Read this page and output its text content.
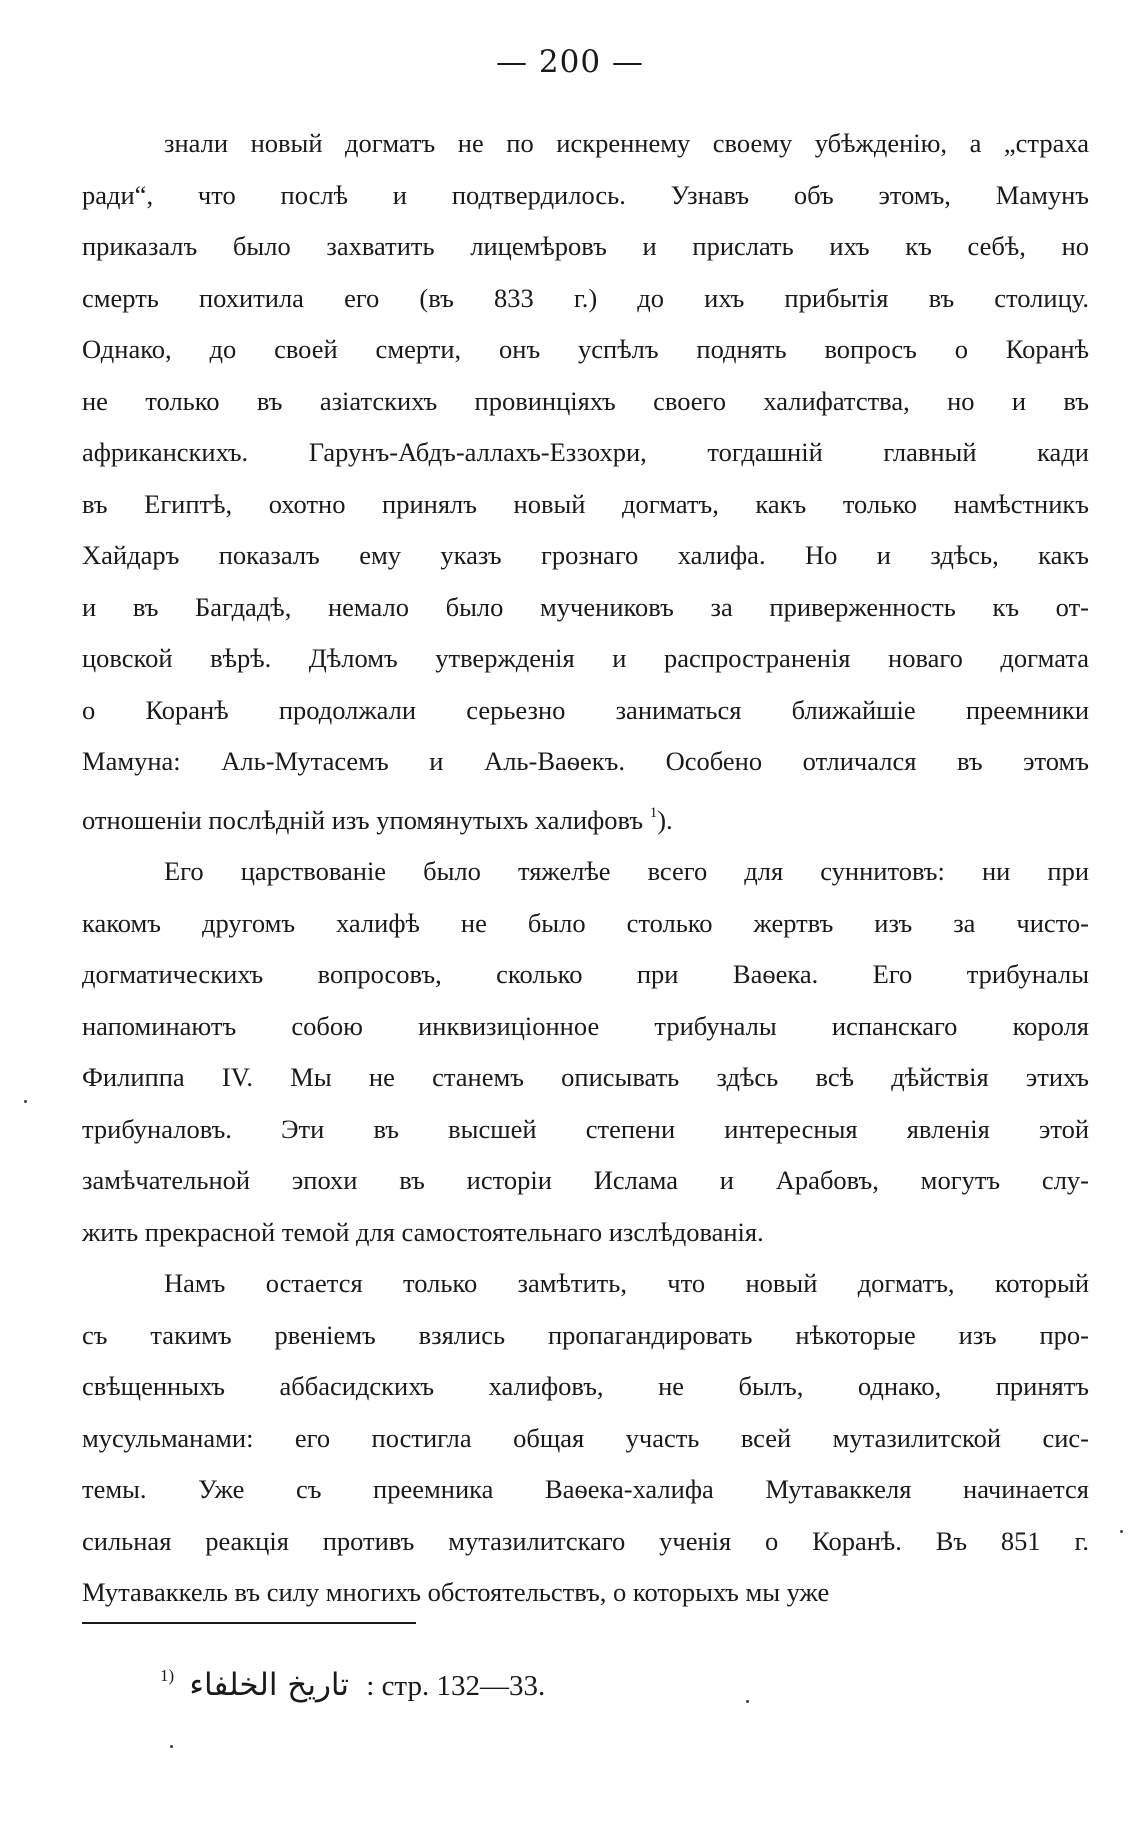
— 200 —
знали новый догматъ не по искреннему своему убѣжденію, а „страха
ради“, что послѣ и подтвердилось. Узнавъ объ этомъ, Мамунъ
приказалъ было захватить лицемѣровъ и прислать ихъ къ себѣ, но
смерть похитила его (въ 833 г.) до ихъ прибытія въ столицу.
Однако, до своей смерти, онъ успѣлъ поднять вопросъ о Коранѣ
не только въ азіатскихъ провинціяхъ своего халифатства, но и въ
африканскихъ. Гарунъ-Абдъ-аллахъ-Еззохри, тогдашній главный кади
въ Египтѣ, охотно принялъ новый догматъ, какъ только намѣстникъ
Хайдаръ показалъ ему указъ грознаго халифа. Но и здѣсь, какъ
и въ Багдадѣ, немало было мучениковъ за приверженность къ от-
цовской вѣрѣ. Дѣломъ утвержденія и распространенія новаго догмата
о Коранѣ продолжали серьезно заниматься ближайшіе преемники
Мамуна: Аль-Мутасемъ и Аль-Ваѳекъ. Особено отличался въ этомъ
отношеніи послѣдній изъ упомянутыхъ халифовъ $^1$).
Его царствованіе было тяжелѣе всего для суннитовъ: ни при
какомъ другомъ халифѣ не было столько жертвъ изъ за чисто-
догматическихъ вопросовъ, сколько при Ваѳека. Его трибуналы
напоминаютъ собою инквизиціонное трибуналы испанскаго короля
Филиппа IV. Мы не станемъ описывать здѣсь всѣ дѣйствія этихъ
трибуналовъ. Эти въ высшей степени интересныя явленія этой
замѣчательной эпохи въ исторіи Ислама и Арабовъ, могутъ слу-
жить прекрасной темой для самостоятельнаго изслѣдованія.
Намъ остается только замѣтить, что новый догматъ, который
съ такимъ рвеніемъ взялись пропагандировать нѣкоторые изъ про-
свѣщенныхъ аббасидскихъ халифовъ, не былъ, однако, принятъ
мусульманами: его постигла общая участь всей мутазилитской сис-
темы. Уже съ преемника Ваѳека-халифа Мутаваккеля начинается
сильная реакція противъ мутазилитскаго ученія о Коранѣ. Въ 851 г.
Мутаваккель въ силу многихъ обстоятельствъ, о которыхъ мы уже
$^{1)}$ تاريخ الخلفاء : стр. 132—33.
